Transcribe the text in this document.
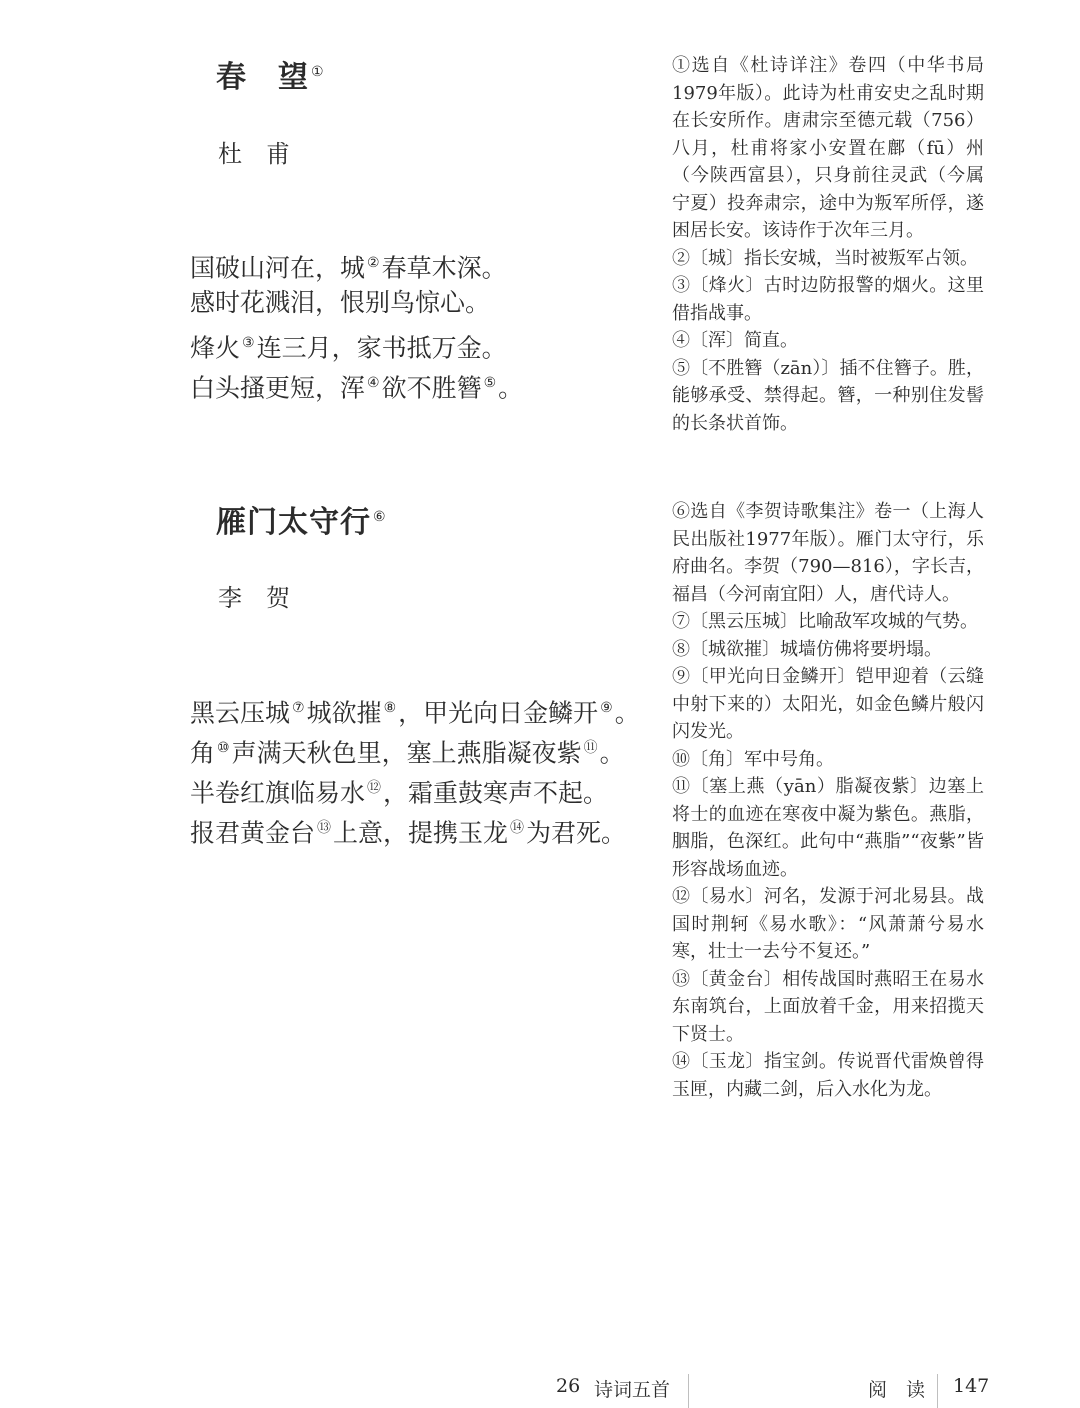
春　望 ①
杜　甫
国破山河在，城 ②春草木深。
感时花溅泪，恨别鸟惊心。
烽火 ③连三月，家书抵万金。
白头搔更短，浑 ④欲不胜簪 ⑤。

①选自《杜诗详注》卷四（中华书局1979年版）。此诗为杜甫安史之乱时期在长安所作。唐肃宗至德元载（756）八月，杜甫将家小安置在鄜（fū）州（今陕西富县），只身前往灵武（今属宁夏）投奔肃宗，途中为叛军所俘，遂困居长安。该诗作于次年三月。

②〔城〕指长安城，当时被叛军占领。

③〔烽火〕古时边防报警的烟火。这里借指战事。

④〔浑〕简直。

⑤〔不胜簪（zān）〕插不住簪子。胜，能够承受、禁得起。簪，一种别住发髻的长条状首饰。

雁门太守行 ⑥
李　贺
黑云压城 ⑦城欲摧 ⑧，甲光向日金鳞开 ⑨。
角 ⑩声满天秋色里，塞上燕脂凝夜紫 ⑪。
半卷红旗临易水 ⑫，霜重鼓寒声不起。
报君黄金台 ⑬上意，提携玉龙 ⑭为君死。

⑥选自《李贺诗歌集注》卷一（上海人民出版社1977年版）。雁门太守行，乐府曲名。李贺（790—816），字长吉，福昌（今河南宜阳）人，唐代诗人。

⑦〔黑云压城〕比喻敌军攻城的气势。

⑧〔城欲摧〕城墙仿佛将要坍塌。

⑨〔甲光向日金鳞开〕铠甲迎着（云缝中射下来的）太阳光，如金色鳞片般闪闪发光。

⑩〔角〕军中号角。

⑪〔塞上燕（yān）脂凝夜紫〕边塞上将士的血迹在寒夜中凝为紫色。燕脂，胭脂，色深红。此句中“燕脂”“夜紫”皆形容战场血迹。

⑫〔易水〕河名，发源于河北易县。战国时荆轲《易水歌》：“风萧萧兮易水寒，壮士一去兮不复还。”

⑬〔黄金台〕相传战国时燕昭王在易水东南筑台，上面放着千金，用来招揽天下贤士。

⑭〔玉龙〕指宝剑。传说晋代雷焕曾得玉匣，内藏二剑，后入水化为龙。

26 诗词五首	阅　读 147
